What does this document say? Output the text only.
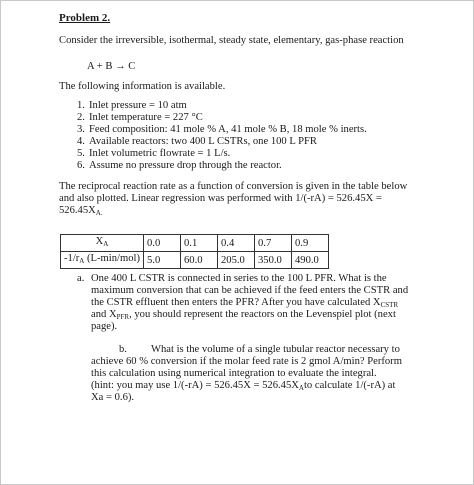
Problem 2.
Consider the irreversible, isothermal, steady state, elementary, gas-phase reaction
A + B → C
The following information is available.
1. Inlet pressure = 10 atm
2. Inlet temperature = 227 °C
3. Feed composition: 41 mole % A, 41 mole % B, 18 mole % inerts.
4. Available reactors: two 400 L CSTRs, one 100 L PFR
5. Inlet volumetric flowrate = 1 L/s.
6. Assume no pressure drop through the reactor.
The reciprocal reaction rate as a function of conversion is given in the table below
and also plotted. Linear regression was performed with 1/(-rA) = 526.45X =
$526.45X_{A.}$
$X_A$	0.0	0.1	0.4	0.7	0.9
$-1/r_A$ (L-min/mol)	5.0	60.0	205.0	350.0	490.0
a. One 400 L CSTR is connected in series to the 100 L PFR. What is the
maximum conversion that can be achieved if the feed enters the CSTR and
the CSTR effluent then enters the PFR? After you have calculated $X_{CSTR}$
and $X_{PFR}$, you should represent the reactors on the Levenspiel plot (next
page).
b. What is the volume of a single tubular reactor necessary to
achieve 60 % conversion if the molar feed rate is 2 gmol A/min? Perform
this calculation using numerical integration to evaluate the integral.
(hint: you may use $1/(-rA) = 526.45X = 526.45X_Ato$ calculate 1/(-rA) at
Xa = 0.6).
